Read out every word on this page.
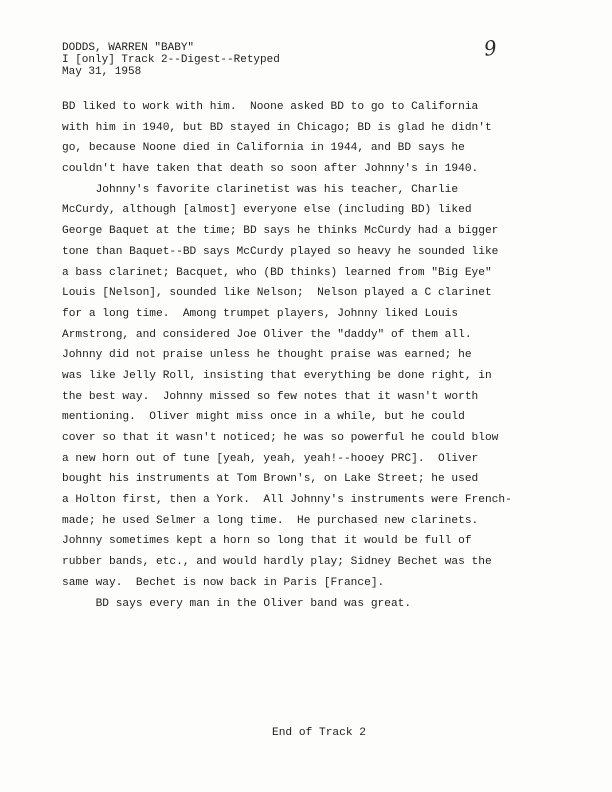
DODDS, WARREN "BABY"
I [only] Track 2--Digest--Retyped
May 31, 1958
9
BD liked to work with him.  Noone asked BD to go to California
with him in 1940, but BD stayed in Chicago; BD is glad he didn't
go, because Noone died in California in 1944, and BD says he
couldn't have taken that death so soon after Johnny's in 1940.
Johnny's favorite clarinetist was his teacher, Charlie
McCurdy, although [almost] everyone else (including BD) liked
George Baquet at the time; BD says he thinks McCurdy had a bigger
tone than Baquet--BD says McCurdy played so heavy he sounded like
a bass clarinet; Bacquet, who (BD thinks) learned from "Big Eye"
Louis [Nelson], sounded like Nelson;  Nelson played a C clarinet
for a long time.  Among trumpet players, Johnny liked Louis
Armstrong, and considered Joe Oliver the "daddy" of them all.
Johnny did not praise unless he thought praise was earned; he
was like Jelly Roll, insisting that everything be done right, in
the best way.  Johnny missed so few notes that it wasn't worth
mentioning.  Oliver might miss once in a while, but he could
cover so that it wasn't noticed; he was so powerful he could blow
a new horn out of tune [yeah, yeah, yeah!--hooey PRC].  Oliver
bought his instruments at Tom Brown's, on Lake Street; he used
a Holton first, then a York.  All Johnny's instruments were French-
made; he used Selmer a long time.  He purchased new clarinets.
Johnny sometimes kept a horn so long that it would be full of
rubber bands, etc., and would hardly play; Sidney Bechet was the
same way.  Bechet is now back in Paris [France].
BD says every man in the Oliver band was great.
End of Track 2
